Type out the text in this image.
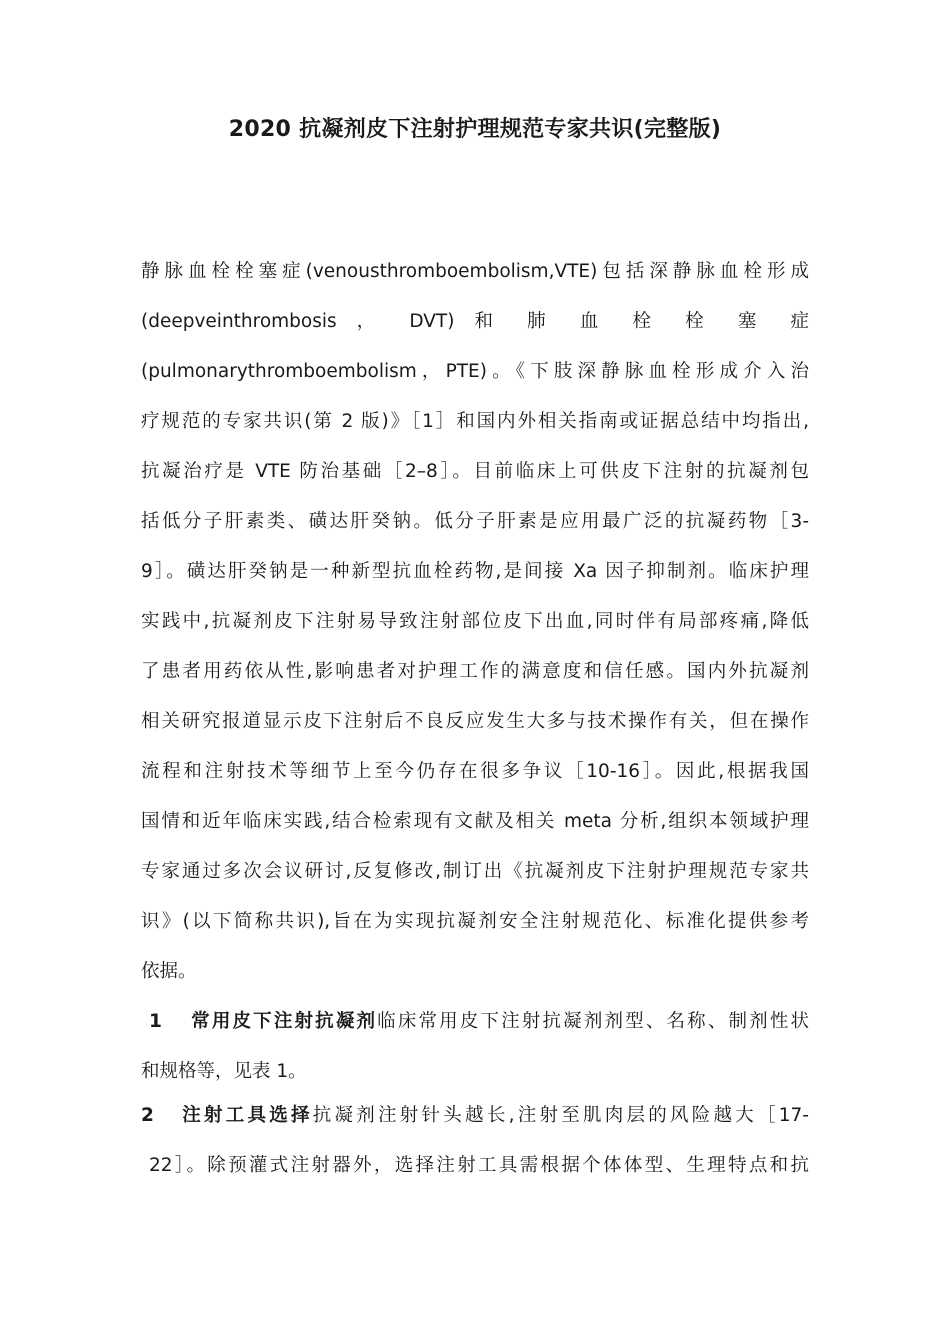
2020 抗凝剂皮下注射护理规范专家共识(完整版)
静脉血栓栓塞症(venousthromboembolism,VTE)包括深静脉血栓形成
(deepveinthrombosis ， DVT) 和 肺 血 栓 栓 塞 症
(pulmonarythromboembolism，PTE)。《下肢深静脉血栓形成介入治
疗规范的专家共识(第 2 版)》［1］和国内外相关指南或证据总结中均指出,
抗凝治疗是 VTE 防治基础［2–8］。目前临床上可供皮下注射的抗凝剂包
括低分子肝素类、磺达肝癸钠。低分子肝素是应用最广泛的抗凝药物［3-
9］。磺达肝癸钠是一种新型抗血栓药物,是间接 Xa 因子抑制剂。临床护理
实践中,抗凝剂皮下注射易导致注射部位皮下出血,同时伴有局部疼痛,降低
了患者用药依从性,影响患者对护理工作的满意度和信任感。国内外抗凝剂
相关研究报道显示皮下注射后不良反应发生大多与技术操作有关，但在操作
流程和注射技术等细节上至今仍存在很多争议［10-16］。因此,根据我国
国情和近年临床实践,结合检索现有文献及相关 meta 分析,组织本领域护理
专家通过多次会议研讨,反复修改,制订出《抗凝剂皮下注射护理规范专家共
识》(以下简称共识),旨在为实现抗凝剂安全注射规范化、标准化提供参考
依据。
1 常用皮下注射抗凝剂临床常用皮下注射抗凝剂剂型、名称、制剂性状
和规格等，见表 1。
2 注射工具选择抗凝剂注射针头越长,注射至肌肉层的风险越大［17-
22］。除预灌式注射器外，选择注射工具需根据个体体型、生理特点和抗
